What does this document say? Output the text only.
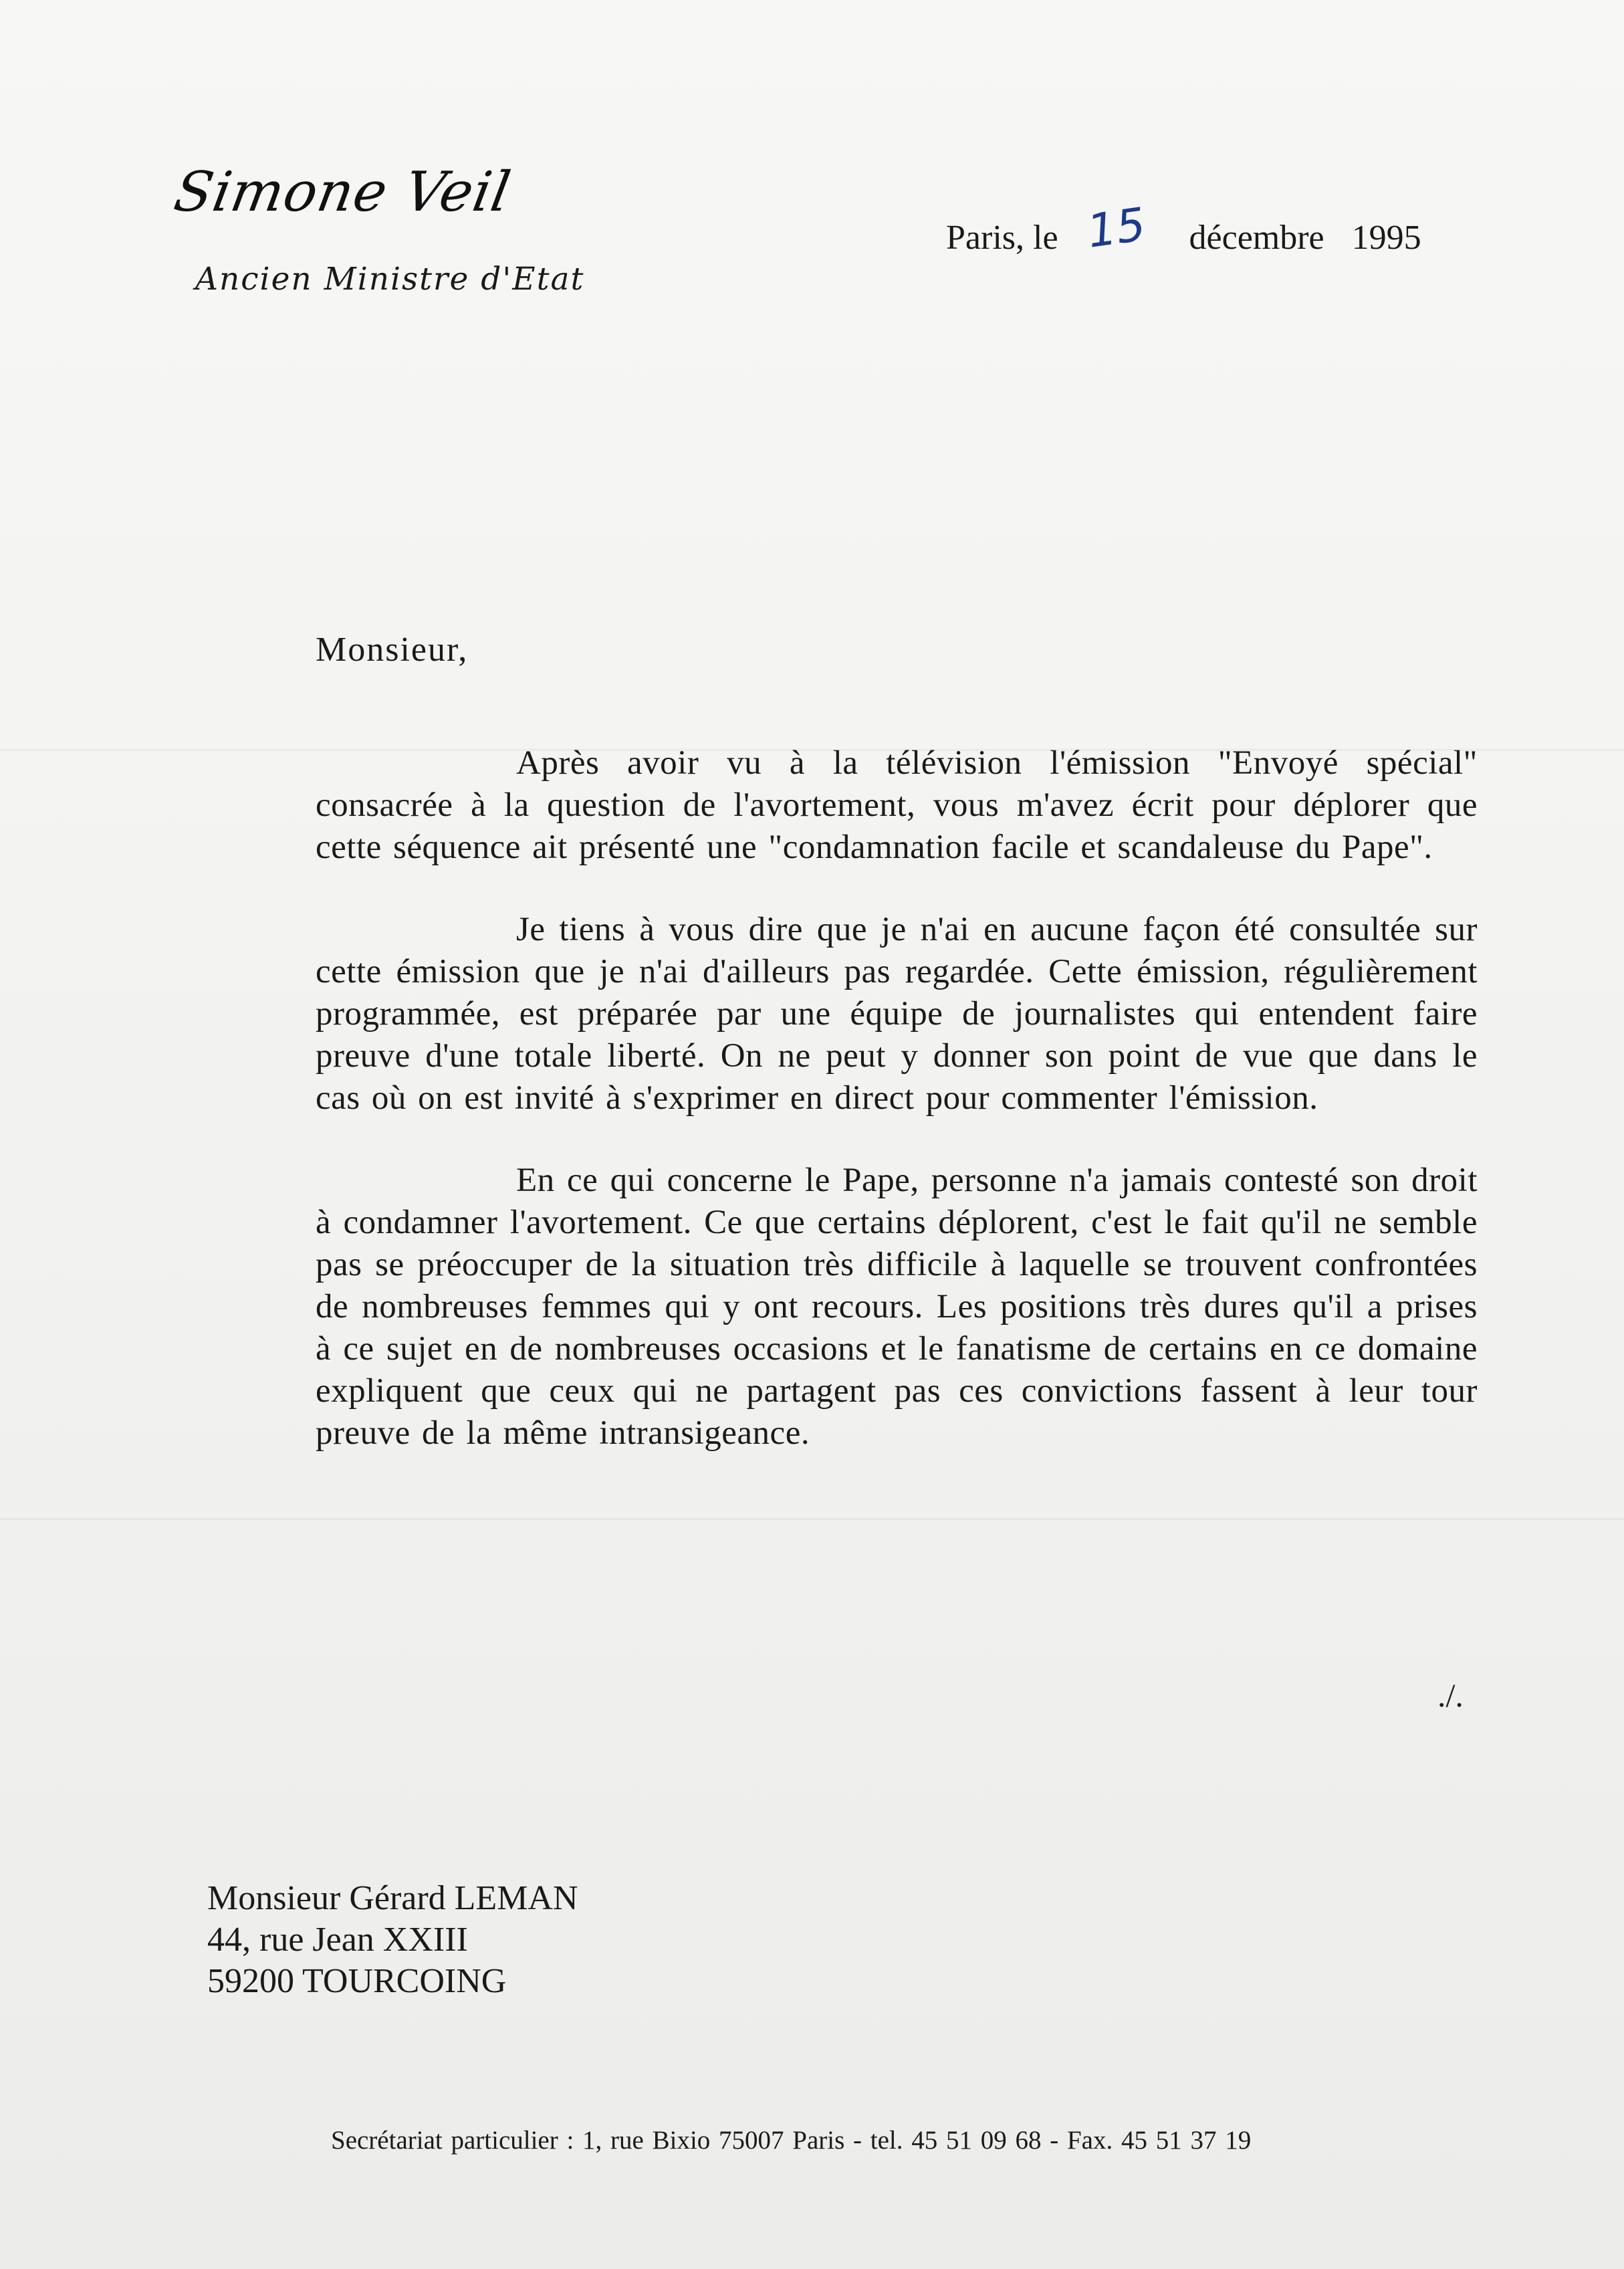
Simone Veil
Ancien Ministre d'Etat
Paris, le 15 décembre 1995
Monsieur,

Après avoir vu à la télévision l'émission "Envoyé spécial" consacrée à la question de l'avortement, vous m'avez écrit pour déplorer que cette séquence ait présenté une "condamnation facile et scandaleuse du Pape".

Je tiens à vous dire que je n'ai en aucune façon été consultée sur cette émission que je n'ai d'ailleurs pas regardée. Cette émission, régulièrement programmée, est préparée par une équipe de journalistes qui entendent faire preuve d'une totale liberté. On ne peut y donner son point de vue que dans le cas où on est invité à s'exprimer en direct pour commenter l'émission.

En ce qui concerne le Pape, personne n'a jamais contesté son droit à condamner l'avortement. Ce que certains déplorent, c'est le fait qu'il ne semble pas se préoccuper de la situation très difficile à laquelle se trouvent confrontées de nombreuses femmes qui y ont recours. Les positions très dures qu'il a prises à ce sujet en de nombreuses occasions et le fanatisme de certains en ce domaine expliquent que ceux qui ne partagent pas ces convictions fassent à leur tour preuve de la même intransigeance.

./.
Monsieur Gérard LEMAN
44, rue Jean XXIII
59200 TOURCOING
Secrétariat particulier : 1, rue Bixio 75007 Paris - tel. 45 51 09 68 - Fax. 45 51 37 19
